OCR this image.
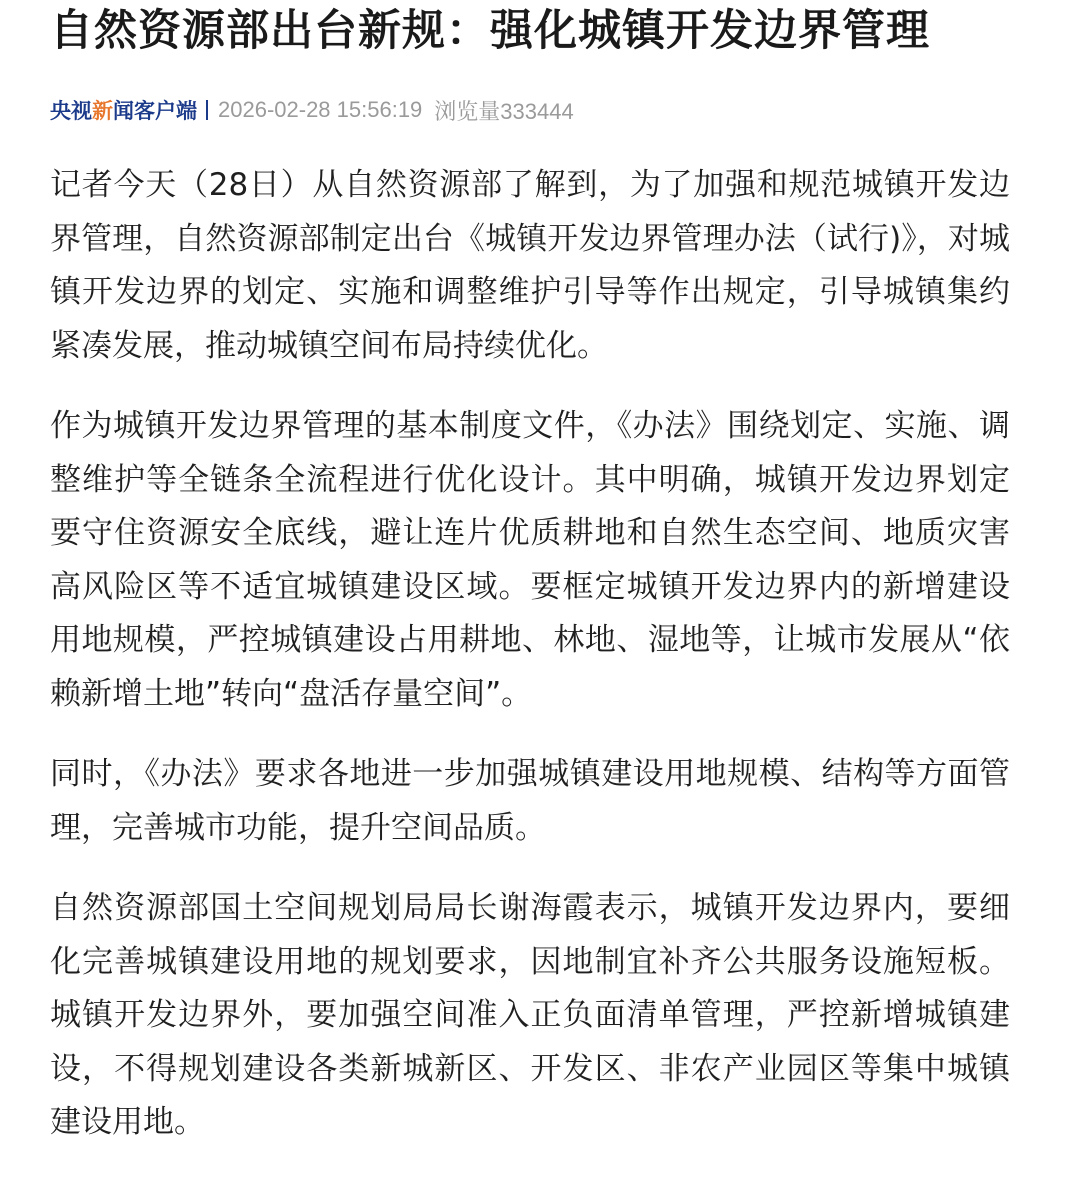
自然资源部出台新规：强化城镇开发边界管理
央视新闻客户端 2026-02-28 15:56:19 浏览量333444

记者今天（28日）从自然资源部了解到，为了加强和规范城镇开发边界管理，自然资源部制定出台《城镇开发边界管理办法（试行)》，对城镇开发边界的划定、实施和调整维护引导等作出规定，引导城镇集约紧凑发展，推动城镇空间布局持续优化。

作为城镇开发边界管理的基本制度文件，《办法》围绕划定、实施、调整维护等全链条全流程进行优化设计。其中明确，城镇开发边界划定要守住资源安全底线，避让连片优质耕地和自然生态空间、地质灾害高风险区等不适宜城镇建设区域。要框定城镇开发边界内的新增建设用地规模，严控城镇建设占用耕地、林地、湿地等，让城市发展从“依赖新增土地”转向“盘活存量空间”。

同时，《办法》要求各地进一步加强城镇建设用地规模、结构等方面管理，完善城市功能，提升空间品质。

自然资源部国土空间规划局局长谢海霞表示，城镇开发边界内，要细化完善城镇建设用地的规划要求，因地制宜补齐公共服务设施短板。城镇开发边界外，要加强空间准入正负面清单管理，严控新增城镇建设，不得规划建设各类新城新区、开发区、非农产业园区等集中城镇建设用地。
